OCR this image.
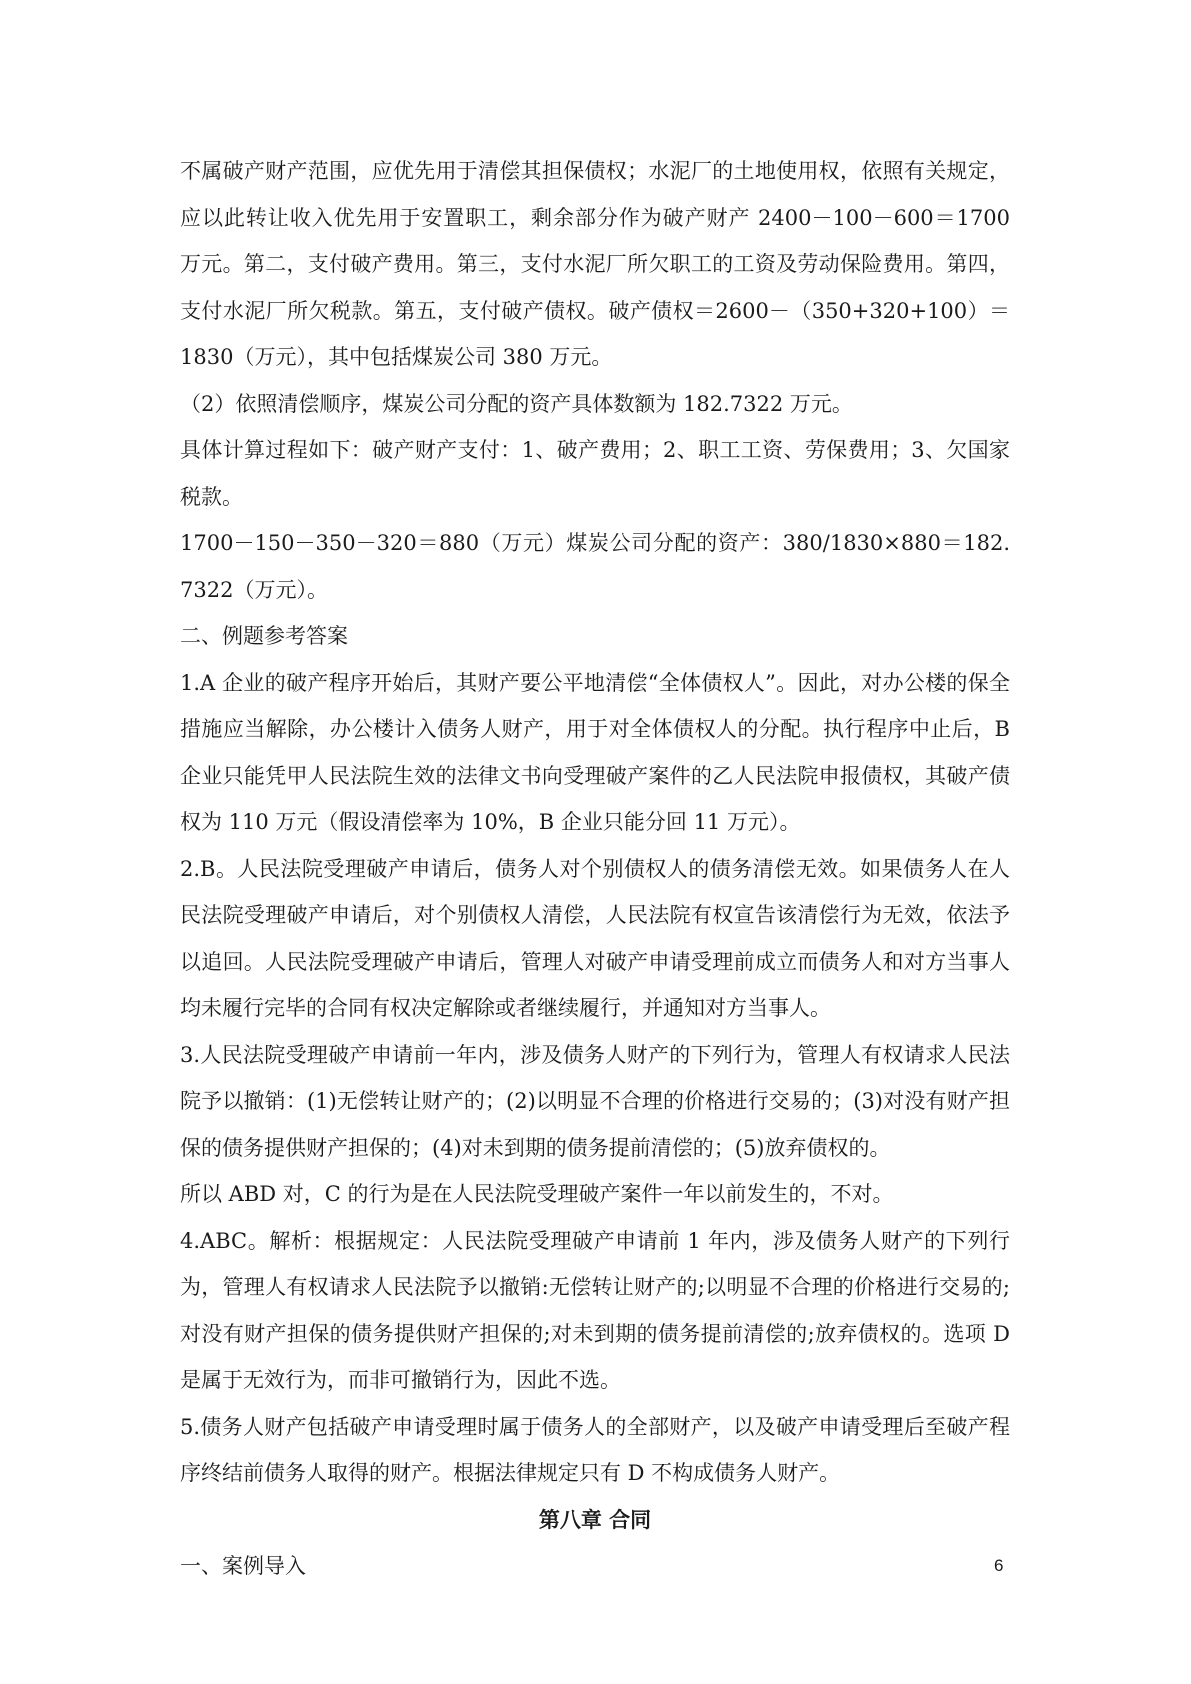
不属破产财产范围，应优先用于清偿其担保债权；水泥厂的土地使用权，依照有关规定，应以此转让收入优先用于安置职工，剩余部分作为破产财产 2400－100－600＝1700 万元。第二，支付破产费用。第三，支付水泥厂所欠职工的工资及劳动保险费用。第四，支付水泥厂所欠税款。第五，支付破产债权。破产债权＝2600－（350+320+100）＝1830（万元），其中包括煤炭公司 380 万元。

（2）依照清偿顺序，煤炭公司分配的资产具体数额为 182.7322 万元。

具体计算过程如下：破产财产支付：1、破产费用；2、职工工资、劳保费用；3、欠国家税款。

1700－150－350－320＝880（万元）煤炭公司分配的资产：380/1830×880＝182.7322（万元）。

二、例题参考答案

1.A 企业的破产程序开始后，其财产要公平地清偿“全体债权人”。因此，对办公楼的保全措施应当解除，办公楼计入债务人财产，用于对全体债权人的分配。执行程序中止后，B 企业只能凭甲人民法院生效的法律文书向受理破产案件的乙人民法院申报债权，其破产债权为 110 万元（假设清偿率为 10%，B 企业只能分回 11 万元）。

2.B。人民法院受理破产申请后，债务人对个别债权人的债务清偿无效。如果债务人在人民法院受理破产申请后，对个别债权人清偿，人民法院有权宣告该清偿行为无效，依法予以追回。人民法院受理破产申请后，管理人对破产申请受理前成立而债务人和对方当事人均未履行完毕的合同有权决定解除或者继续履行，并通知对方当事人。

3.人民法院受理破产申请前一年内，涉及债务人财产的下列行为，管理人有权请求人民法院予以撤销：(1)无偿转让财产的；(2)以明显不合理的价格进行交易的；(3)对没有财产担保的债务提供财产担保的；(4)对未到期的债务提前清偿的；(5)放弃债权的。

所以 ABD 对，C 的行为是在人民法院受理破产案件一年以前发生的，不对。

4.ABC。解析：根据规定：人民法院受理破产申请前 1 年内，涉及债务人财产的下列行为，管理人有权请求人民法院予以撤销:无偿转让财产的;以明显不合理的价格进行交易的;对没有财产担保的债务提供财产担保的;对未到期的债务提前清偿的;放弃债权的。选项 D 是属于无效行为，而非可撤销行为，因此不选。

5.债务人财产包括破产申请受理时属于债务人的全部财产，以及破产申请受理后至破产程序终结前债务人取得的财产。根据法律规定只有 D 不构成债务人财产。

第八章 合同

一、案例导入	6
